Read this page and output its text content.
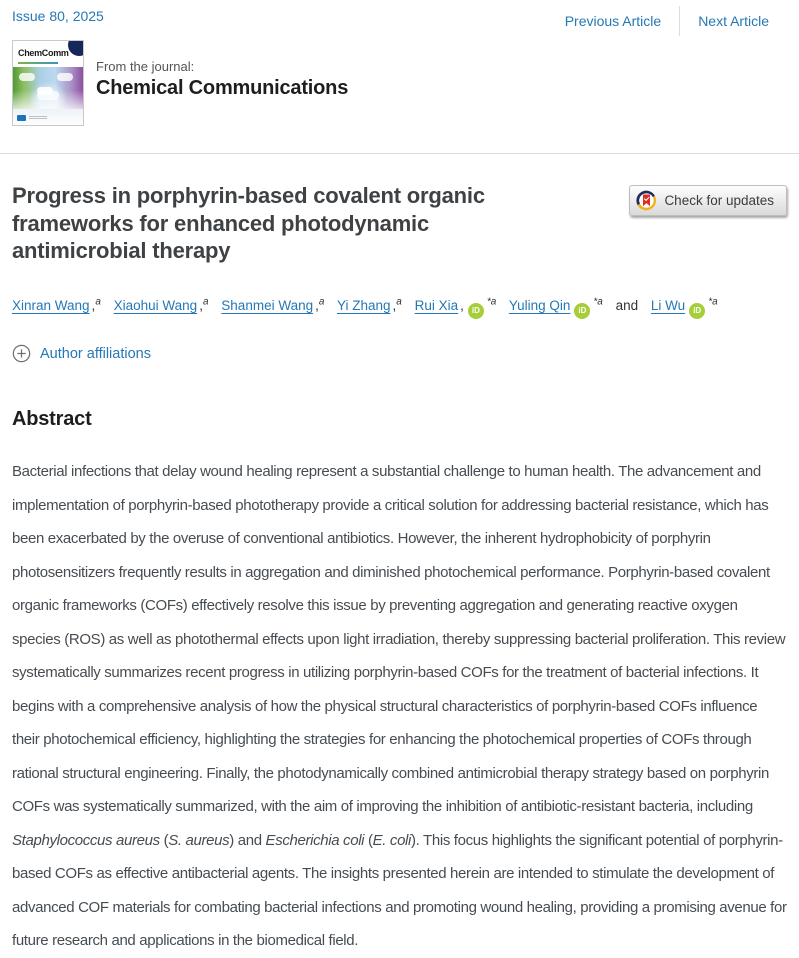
Issue 80, 2025	Previous Article	Next Article
ChemComm
From the journal:
Chemical Communications
Progress in porphyrin-based covalent organic frameworks for enhanced photodynamic antimicrobial therapy
Check for updates
Xinran Wang ,$^a$ Xiaohui Wang ,$^a$ Shanmei Wang ,$^a$ Yi Zhang ,$^a$ Rui Xia , iD$^{*a}$ Yuling Qin iD$^{*a}$ and Li Wu iD$^{*a}$
Author affiliations
Abstract

Bacterial infections that delay wound healing represent a substantial challenge to human health. The advancement and implementation of porphyrin-based phototherapy provide a critical solution for addressing bacterial resistance, which has been exacerbated by the overuse of conventional antibiotics. However, the inherent hydrophobicity of porphyrin photosensitizers frequently results in aggregation and diminished photochemical performance. Porphyrin-based covalent organic frameworks (COFs) effectively resolve this issue by preventing aggregation and generating reactive oxygen species (ROS) as well as photothermal effects upon light irradiation, thereby suppressing bacterial proliferation. This review systematically summarizes recent progress in utilizing porphyrin-based COFs for the treatment of bacterial infections. It begins with a comprehensive analysis of how the physical structural characteristics of porphyrin-based COFs influence their photochemical efficiency, highlighting the strategies for enhancing the photochemical properties of COFs through rational structural engineering. Finally, the photodynamically combined antimicrobial therapy strategy based on porphyrin COFs was systematically summarized, with the aim of improving the inhibition of antibiotic-resistant bacteria, including Staphylococcus aureus (S. aureus) and Escherichia coli (E. coli). This focus highlights the significant potential of porphyrin-based COFs as effective antibacterial agents. The insights presented herein are intended to stimulate the development of advanced COF materials for combating bacterial infections and promoting wound healing, providing a promising avenue for future research and applications in the biomedical field.
